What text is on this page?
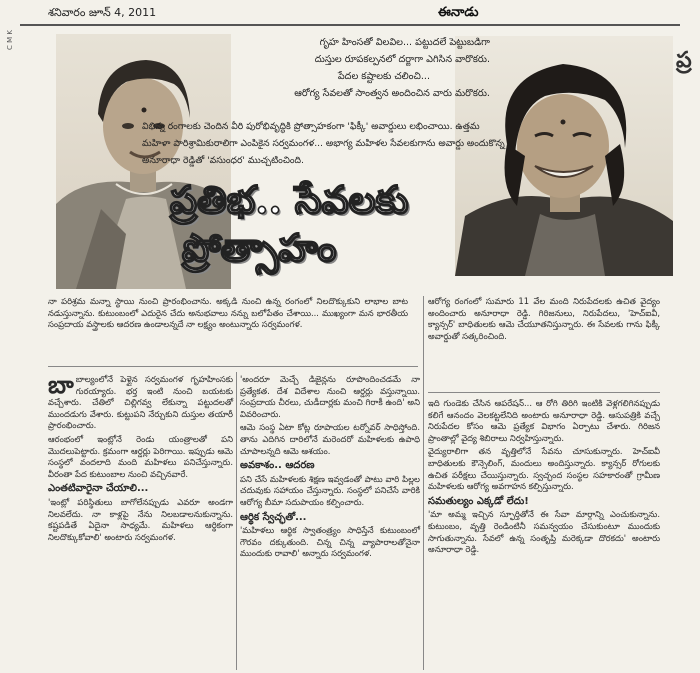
శనివారం జూన్ 4, 2011	ఈనాడు
C M K
ప్ర

గృహ హింసతో విలవిల... పట్టుదలే పెట్టుబడిగా

దుస్తుల రూపకల్పనలో దర్జాగా ఎగిసిన వారొకరు.

పేదల కష్టాలకు చలించి...

ఆరోగ్య సేవలతో సాంత్వన అందించిన వారు మరొకరు.

విభిన్న రంగాలకు చెందిన వీరి పురోభివృద్ధికి ప్రోత్సాహకంగా 'ఫిక్కీ' అవార్డులు లభించాయి. ఉత్తమ మహిళా పారిశ్రామికురాలిగా ఎంపికైన సర్వమంగళ... అభాగ్య మహిళల సేవలకుగాను అవార్డు అందుకొన్న అనూరాధా రెడ్డితో 'వసుంధర' ముచ్చటించింది.
ప్రతిభ.. సేవలకు
ప్రోత్సాహం

నా పరిశ్రమ మన్నా స్థాయి నుంచి ప్రారంభించాను. అక్కడి నుంచి ఉన్న రంగంలో నిలదొక్కుకుని లాభాల బాట నడుస్తున్నాను. కుటుంబంలో ఎదురైన చేదు అనుభవాలు నన్ను బలోపేతం చేశాయి... ముఖ్యంగా మన భారతీయ సంప్రదాయ వస్త్రాలకు ఆదరణ ఉండాలన్నదే నా లక్ష్యం అంటున్నారు సర్వమంగళ.

ఆరోగ్య రంగంలో సుమారు 11 వేల మంది నిరుపేదలకు ఉచిత వైద్యం అందించారు అనూరాధా రెడ్డి. గిరిజనులు, నిరుపేదలు, 'హెచ్ఐవీ, క్యాన్సర్' బాధితులకు ఆమె చేయూతనిస్తున్నారు. ఈ సేవలకు గాను ఫిక్కీ అవార్డుతో సత్కరించింది.

బాబాల్యంలోనే పెళ్లైన సర్వమంగళ గృహహింసకు గురయ్యారు. భర్త ఇంటి నుంచి బయటకు వచ్చేశారు. చేతిలో చిల్లిగవ్వ లేకున్నా పట్టుదలతో ముందడుగు వేశారు. కుట్టుపని నేర్చుకుని దుస్తుల తయారీ ప్రారంభించారు.

ఆరంభంలో ఇంట్లోనే రెండు యంత్రాలతో పని మొదలుపెట్టారు. క్రమంగా ఆర్డర్లు పెరిగాయి. ఇప్పుడు ఆమె సంస్థలో వందలాది మంది మహిళలు పనిచేస్తున్నారు. వీరంతా పేద కుటుంబాల నుంచి వచ్చినవారే.

ఎంతటివారైనా చేయాలి...

'ఇంట్లో పరిస్థితులు బాగోలేనప్పుడు ఎవరూ అండగా నిలవలేదు. నా కాళ్లపై నేను నిలబడాలనుకున్నాను. కష్టపడితే ఏదైనా సాధ్యమే. మహిళలు ఆర్థికంగా నిలదొక్కుకోవాలి' అంటారు సర్వమంగళ.

'అందరూ మెచ్చే డిజైన్లను రూపొందించడమే నా ప్రత్యేకత. దేశ విదేశాల నుంచి ఆర్డర్లు వస్తున్నాయి. సంప్రదాయ చీరలు, చుడీదార్లకు మంచి గిరాకీ ఉంది' అని వివరించారు.

ఆమె సంస్థ ఏటా కోట్ల రూపాయల టర్నోవర్ సాధిస్తోంది. తాను ఎదిగిన దారిలోనే మరెందరో మహిళలకు ఉపాధి చూపాలన్నది ఆమె ఆశయం.

అవకాశం.. ఆదరణ

పని చేసే మహిళలకు శిక్షణ ఇవ్వడంతో పాటు వారి పిల్లల చదువుకు సహాయం చేస్తున్నారు. సంస్థలో పనిచేసే వారికి ఆరోగ్య బీమా సదుపాయం కల్పించారు.

ఆర్థిక స్వేచ్ఛతో...

'మహిళలు ఆర్థిక స్వాతంత్ర్యం సాధిస్తేనే కుటుంబంలో గౌరవం దక్కుతుంది. చిన్న చిన్న వ్యాపారాలతోనైనా ముందుకు రావాలి' అన్నారు సర్వమంగళ.

ఇది గుండెకు చేసిన ఆపరేషన్... ఆ రోగి తిరిగి ఇంటికి వెళ్లగలిగినప్పుడు కలిగే ఆనందం వెలకట్టలేనిది అంటారు అనూరాధా రెడ్డి. ఆసుపత్రికి వచ్చే నిరుపేదల కోసం ఆమె ప్రత్యేక విభాగం ఏర్పాటు చేశారు. గిరిజన ప్రాంతాల్లో వైద్య శిబిరాలు నిర్వహిస్తున్నారు.

వైద్యురాలిగా తన వృత్తిలోనే సేవను చూసుకున్నారు. హెచ్ఐవీ బాధితులకు కౌన్సెలింగ్, మందులు అందిస్తున్నారు. క్యాన్సర్ రోగులకు ఉచిత పరీక్షలు చేయిస్తున్నారు. స్వచ్ఛంద సంస్థల సహకారంతో గ్రామీణ మహిళలకు ఆరోగ్య అవగాహన కల్పిస్తున్నారు.

సమతుల్యం ఎక్కడో లేదు!

'మా అమ్మ ఇచ్చిన స్ఫూర్తితోనే ఈ సేవా మార్గాన్ని ఎంచుకున్నాను. కుటుంబం, వృత్తి రెండింటినీ సమన్వయం చేసుకుంటూ ముందుకు సాగుతున్నాను. సేవలో ఉన్న సంతృప్తి మరెక్కడా దొరకదు' అంటారు అనూరాధా రెడ్డి.
